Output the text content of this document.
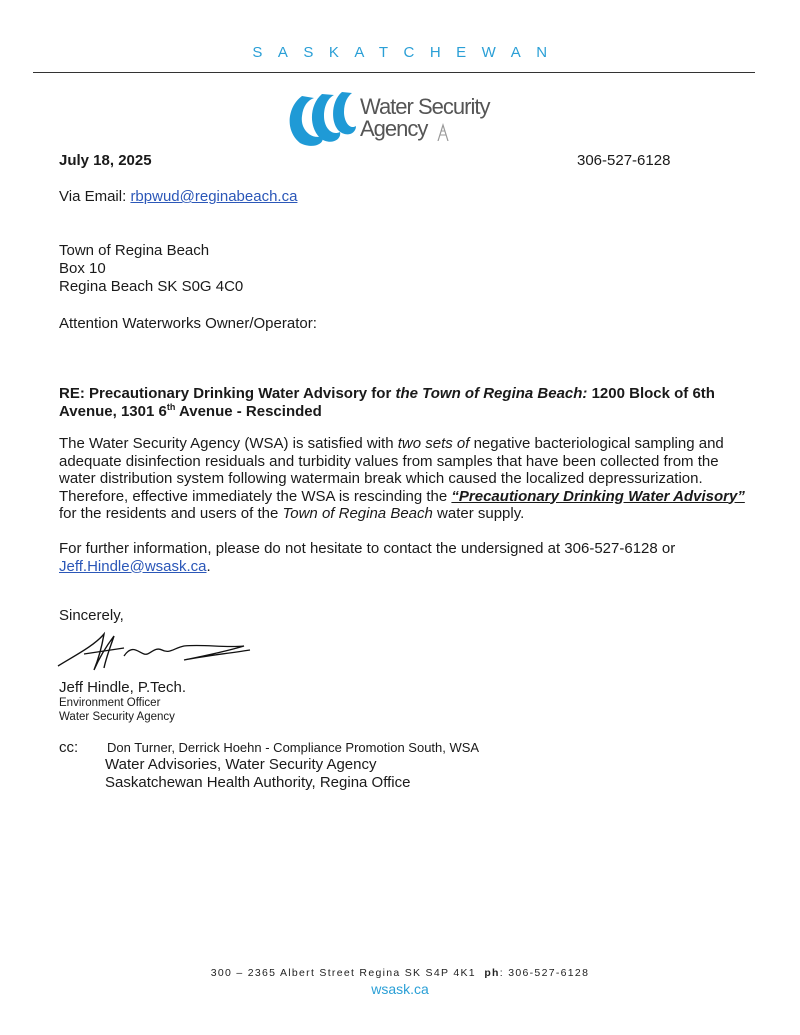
SASKATCHEWAN
Water Security
Agency
July 18, 2025	306-527-6128
Via Email: rbpwud@reginabeach.ca
Town of Regina Beach
Box 10
Regina Beach SK S0G 4C0
Attention Waterworks Owner/Operator:
RE: Precautionary Drinking Water Advisory for the Town of Regina Beach: 1200 Block of 6th Avenue, 1301 6th Avenue - Rescinded
The Water Security Agency (WSA) is satisfied with two sets of negative bacteriological sampling and adequate disinfection residuals and turbidity values from samples that have been collected from the water distribution system following watermain break which caused the localized depressurization. Therefore, effective immediately the WSA is rescinding the “Precautionary Drinking Water Advisory” for the residents and users of the Town of Regina Beach water supply.
For further information, please do not hesitate to contact the undersigned at 306-527-6128 or Jeff.Hindle@wsask.ca.
Sincerely,
Jeff Hindle, P.Tech.
Environment Officer
Water Security Agency
cc: Don Turner, Derrick Hoehn - Compliance Promotion South, WSA
Water Advisories, Water Security Agency
Saskatchewan Health Authority, Regina Office
300 – 2365 Albert Street Regina SK S4P 4K1 ph: 306-527-6128
wsask.ca
